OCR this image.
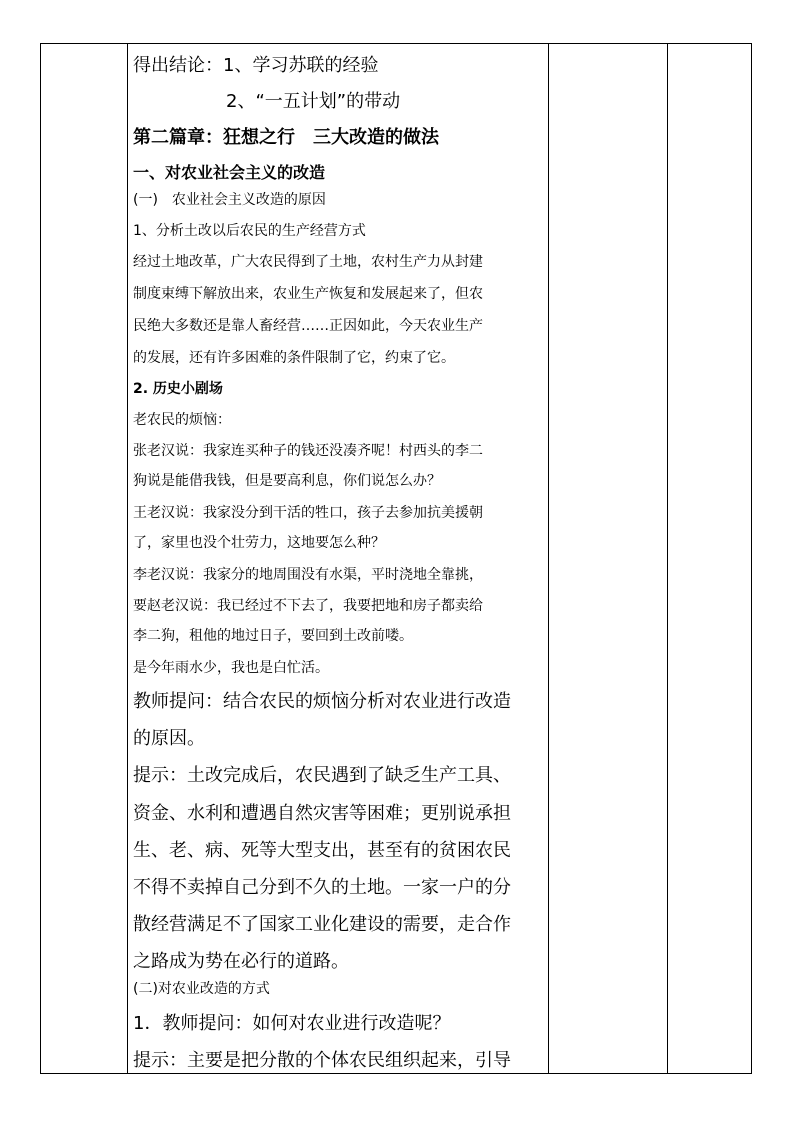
得出结论：1、学习苏联的经验
2、“一五计划”的带动
第二篇章：狂想之行　三大改造的做法
一、对农业社会主义的改造
(一)　农业社会主义改造的原因
1、分析土改以后农民的生产经营方式
经过土地改革，广大农民得到了土地，农村生产力从封建
制度束缚下解放出来，农业生产恢复和发展起来了，但农
民绝大多数还是靠人畜经营……正因如此，今天农业生产
的发展，还有许多困难的条件限制了它，约束了它。
2. 历史小剧场
老农民的烦恼：
张老汉说：我家连买种子的钱还没凑齐呢！村西头的李二
狗说是能借我钱，但是要高利息，你们说怎么办？
王老汉说：我家没分到干活的牲口，孩子去参加抗美援朝
了，家里也没个壮劳力，这地要怎么种？
李老汉说：我家分的地周围没有水渠，平时浇地全靠挑，
要赵老汉说：我已经过不下去了，我要把地和房子都卖给
李二狗，租他的地过日子，要回到土改前喽。
是今年雨水少，我也是白忙活。
教师提问：结合农民的烦恼分析对农业进行改造
的原因。
提示：土改完成后，农民遇到了缺乏生产工具、
资金、水利和遭遇自然灾害等困难；更别说承担
生、老、病、死等大型支出，甚至有的贫困农民
不得不卖掉自己分到不久的土地。一家一户的分
散经营满足不了国家工业化建设的需要，走合作
之路成为势在必行的道路。
(二)对农业改造的方式
1．教师提问：如何对农业进行改造呢？
提示：主要是把分散的个体农民组织起来，引导
